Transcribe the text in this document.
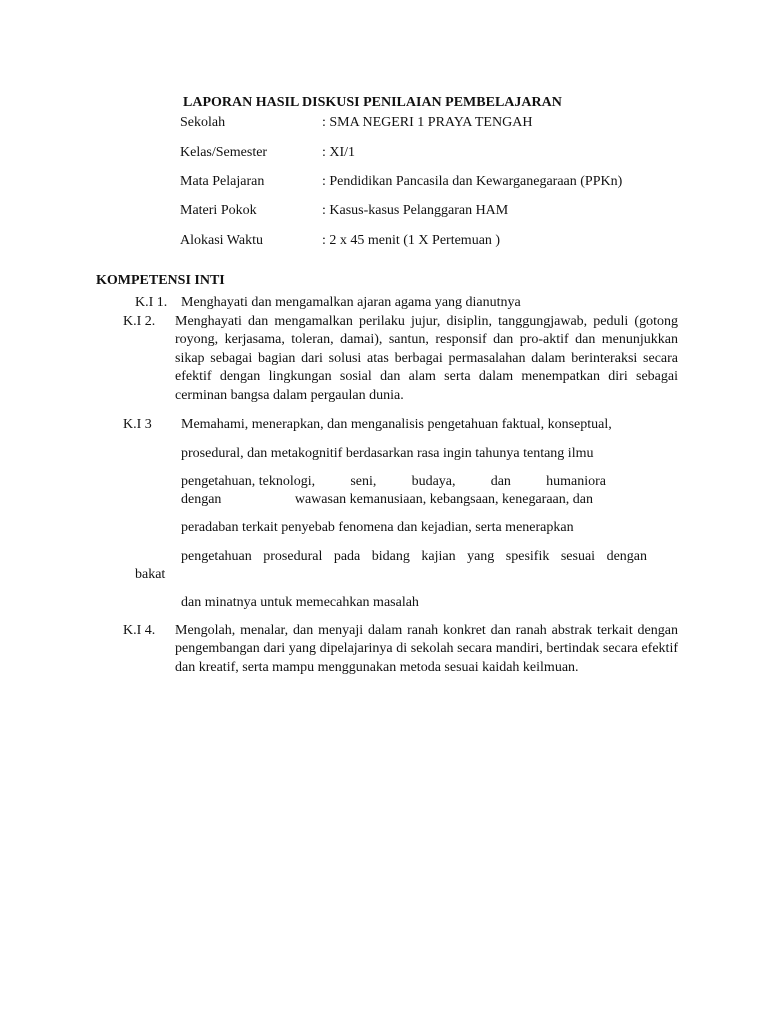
LAPORAN HASIL DISKUSI PENILAIAN PEMBELAJARAN
Sekolah	: SMA NEGERI 1 PRAYA TENGAH
Kelas/Semester	: XI/1
Mata Pelajaran	: Pendidikan Pancasila dan Kewarganegaraan (PPKn)
Materi Pokok	: Kasus-kasus Pelanggaran HAM
Alokasi Waktu	: 2 x 45 menit (1 X Pertemuan )
KOMPETENSI INTI
K.I 1. Menghayati dan mengamalkan ajaran agama yang dianutnya
K.I 2. Menghayati dan mengamalkan perilaku jujur, disiplin, tanggungjawab, peduli (gotong royong, kerjasama, toleran, damai), santun, responsif dan pro-aktif dan menunjukkan sikap sebagai bagian dari solusi atas berbagai permasalahan dalam berinteraksi secara efektif dengan lingkungan sosial dan alam serta dalam menempatkan diri sebagai cerminan bangsa dalam pergaulan dunia.
K.I 3 Memahami, menerapkan, dan menganalisis pengetahuan faktual, konseptual,
prosedural, dan metakognitif berdasarkan rasa ingin tahunya tentang ilmu
pengetahuan, teknologi,	seni,	budaya,	dan	humaniora
dengan	wawasan kemanusiaan, kebangsaan, kenegaraan, dan
peradaban terkait penyebab fenomena dan kejadian, serta menerapkan
pengetahuan prosedural pada bidang kajian yang spesifik sesuai dengan
bakat
dan minatnya untuk memecahkan masalah
K.I 4. Mengolah, menalar, dan menyaji dalam ranah konkret dan ranah abstrak terkait dengan pengembangan dari yang dipelajarinya di sekolah secara mandiri, bertindak secara efektif dan kreatif, serta mampu menggunakan metoda sesuai kaidah keilmuan.
